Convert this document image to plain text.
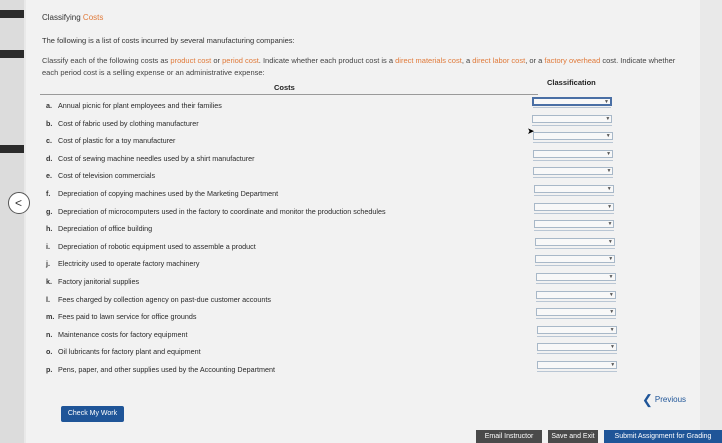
Classifying Costs
The following is a list of costs incurred by several manufacturing companies:
Classify each of the following costs as product cost or period cost. Indicate whether each product cost is a direct materials cost, a direct labor cost, or a factory overhead cost. Indicate whether each period cost is a selling expense or an administrative expense:
Costs
Classification
a. Annual picnic for plant employees and their families	▼
b. Cost of fabric used by clothing manufacturer	▼
c. Cost of plastic for a toy manufacturer	▼
d. Cost of sewing machine needles used by a shirt manufacturer	▼
e. Cost of television commercials	▼
f. Depreciation of copying machines used by the Marketing Department	▼
g. Depreciation of microcomputers used in the factory to coordinate and monitor the production schedules	▼
h. Depreciation of office building	▼
i. Depreciation of robotic equipment used to assemble a product	▼
j. Electricity used to operate factory machinery	▼
k. Factory janitorial supplies	▼
l. Fees charged by collection agency on past-due customer accounts	▼
m. Fees paid to lawn service for office grounds	▼
n. Maintenance costs for factory equipment	▼
o. Oil lubricants for factory plant and equipment	▼
p. Pens, paper, and other supplies used by the Accounting Department	▼
➤
Check My Work
❮ Previous
Email Instructor	Save and Exit	Submit Assignment for Grading
<
